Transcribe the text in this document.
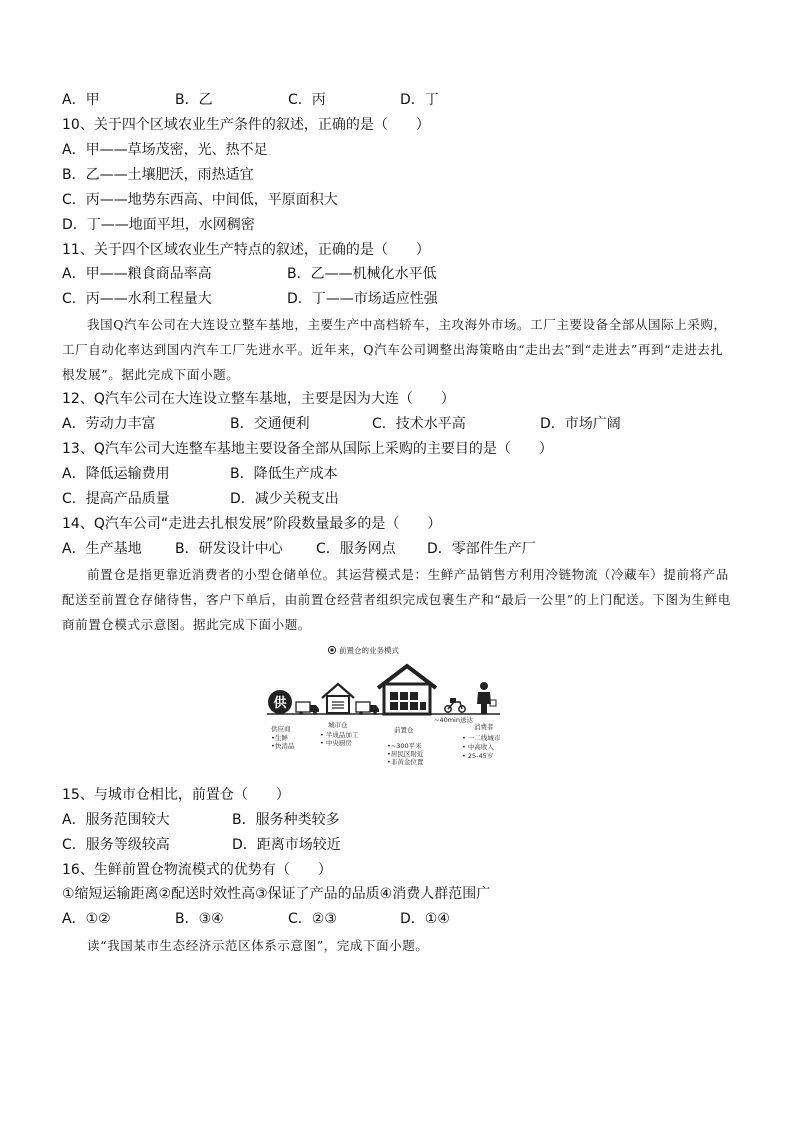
A．甲	B．乙	C．丙	D．丁
10、关于四个区域农业生产条件的叙述，正确的是（　　）
A．甲——草场茂密，光、热不足
B．乙——土壤肥沃，雨热适宜
C．丙——地势东西高、中间低，平原面积大
D．丁——地面平坦，水网稠密
11、关于四个区域农业生产特点的叙述，正确的是（　　）
A．甲——粮食商品率高	B．乙——机械化水平低
C．丙——水利工程量大	D．丁——市场适应性强
我国Q汽车公司在大连设立整车基地，主要生产中高档轿车，主攻海外市场。工厂主要设备全部从国际上采购，工厂自动化率达到国内汽车工厂先进水平。近年来，Q汽车公司调整出海策略由“走出去”到“走进去”再到“走进去扎根发展”。据此完成下面小题。
12、Q汽车公司在大连设立整车基地，主要是因为大连（　　）
A．劳动力丰富	B．交通便利	C．技术水平高	D．市场广阔
13、Q汽车公司大连整车基地主要设备全部从国际上采购的主要目的是（　　）
A．降低运输费用	B．降低生产成本
C．提高产品质量	D．减少关税支出
14、Q汽车公司“走进去扎根发展”阶段数量最多的是（　　）
A．生产基地 B．研发设计中心 C．服务网点 D．零部件生产厂
前置仓是指更靠近消费者的小型仓储单位。其运营模式是：生鲜产品销售方利用冷链物流（冷藏车）提前将产品配送至前置仓存储待售，客户下单后，由前置仓经营者组织完成包裹生产和“最后一公里”的上门配送。下图为生鲜电商前置仓模式示意图。据此完成下面小题。
前置仓的业务模式
供
供应商
•生鲜
•快消品
城市仓
• 半成品加工
• 中央厨房
前置仓
•~300平米
•居民区附近
•非黄金位置
~40min送达
消费者
• 一二线城市
• 中高收入
• 25-45岁
15、与城市仓相比，前置仓（　　）
A．服务范围较大	B．服务种类较多
C．服务等级较高	D．距离市场较近
16、生鲜前置仓物流模式的优势有（　　）
①缩短运输距离②配送时效性高③保证了产品的品质④消费人群范围广
A．①②	B．③④	C．②③	D．①④
读“我国某市生态经济示范区体系示意图”，完成下面小题。
